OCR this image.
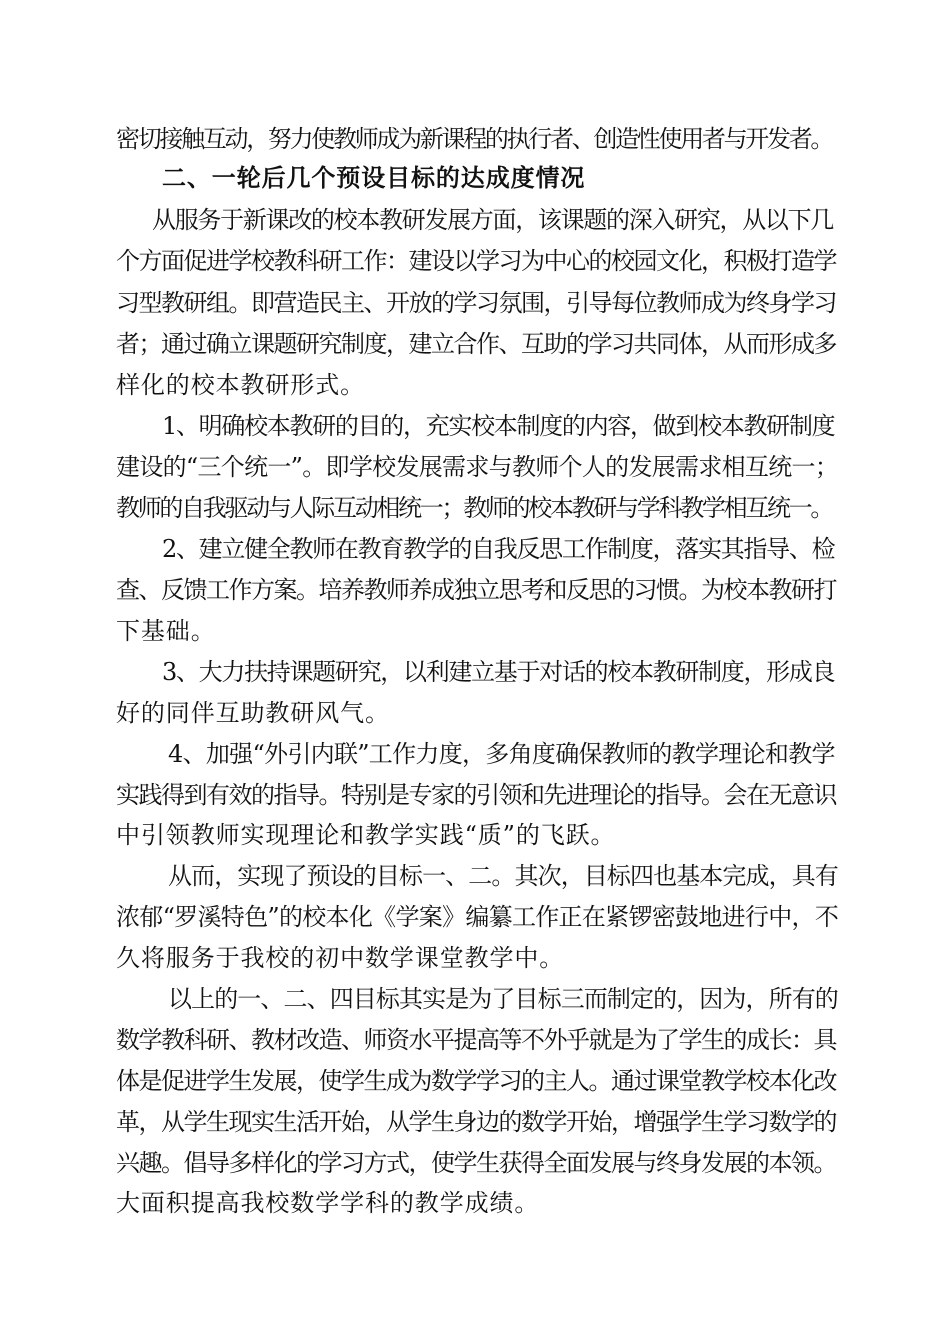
密切接触互动，努力使教师成为新课程的执行者、创造性使用者与开发者。
二、一轮后几个预设目标的达成度情况
从服务于新课改的校本教研发展方面，该课题的深入研究，从以下几
个方面促进学校教科研工作：建设以学习为中心的校园文化，积极打造学
习型教研组。即营造民主、开放的学习氛围，引导每位教师成为终身学习
者；通过确立课题研究制度，建立合作、互助的学习共同体，从而形成多
样化的校本教研形式。
1、明确校本教研的目的，充实校本制度的内容，做到校本教研制度
建设的“三个统一”。即学校发展需求与教师个人的发展需求相互统一；
教师的自我驱动与人际互动相统一；教师的校本教研与学科教学相互统一。
2、建立健全教师在教育教学的自我反思工作制度，落实其指导、检
查、反馈工作方案。培养教师养成独立思考和反思的习惯。为校本教研打
下基础。
3、大力扶持课题研究，以利建立基于对话的校本教研制度，形成良
好的同伴互助教研风气。
4、加强“外引内联”工作力度，多角度确保教师的教学理论和教学
实践得到有效的指导。特别是专家的引领和先进理论的指导。会在无意识
中引领教师实现理论和教学实践“质”的飞跃。
从而，实现了预设的目标一、二。其次，目标四也基本完成，具有
浓郁“罗溪特色”的校本化《学案》编纂工作正在紧锣密鼓地进行中，不
久将服务于我校的初中数学课堂教学中。
以上的一、二、四目标其实是为了目标三而制定的，因为，所有的
数学教科研、教材改造、师资水平提高等不外乎就是为了学生的成长：具
体是促进学生发展，使学生成为数学学习的主人。通过课堂教学校本化改
革，从学生现实生活开始，从学生身边的数学开始，增强学生学习数学的
兴趣。倡导多样化的学习方式，使学生获得全面发展与终身发展的本领。
大面积提高我校数学学科的教学成绩。
